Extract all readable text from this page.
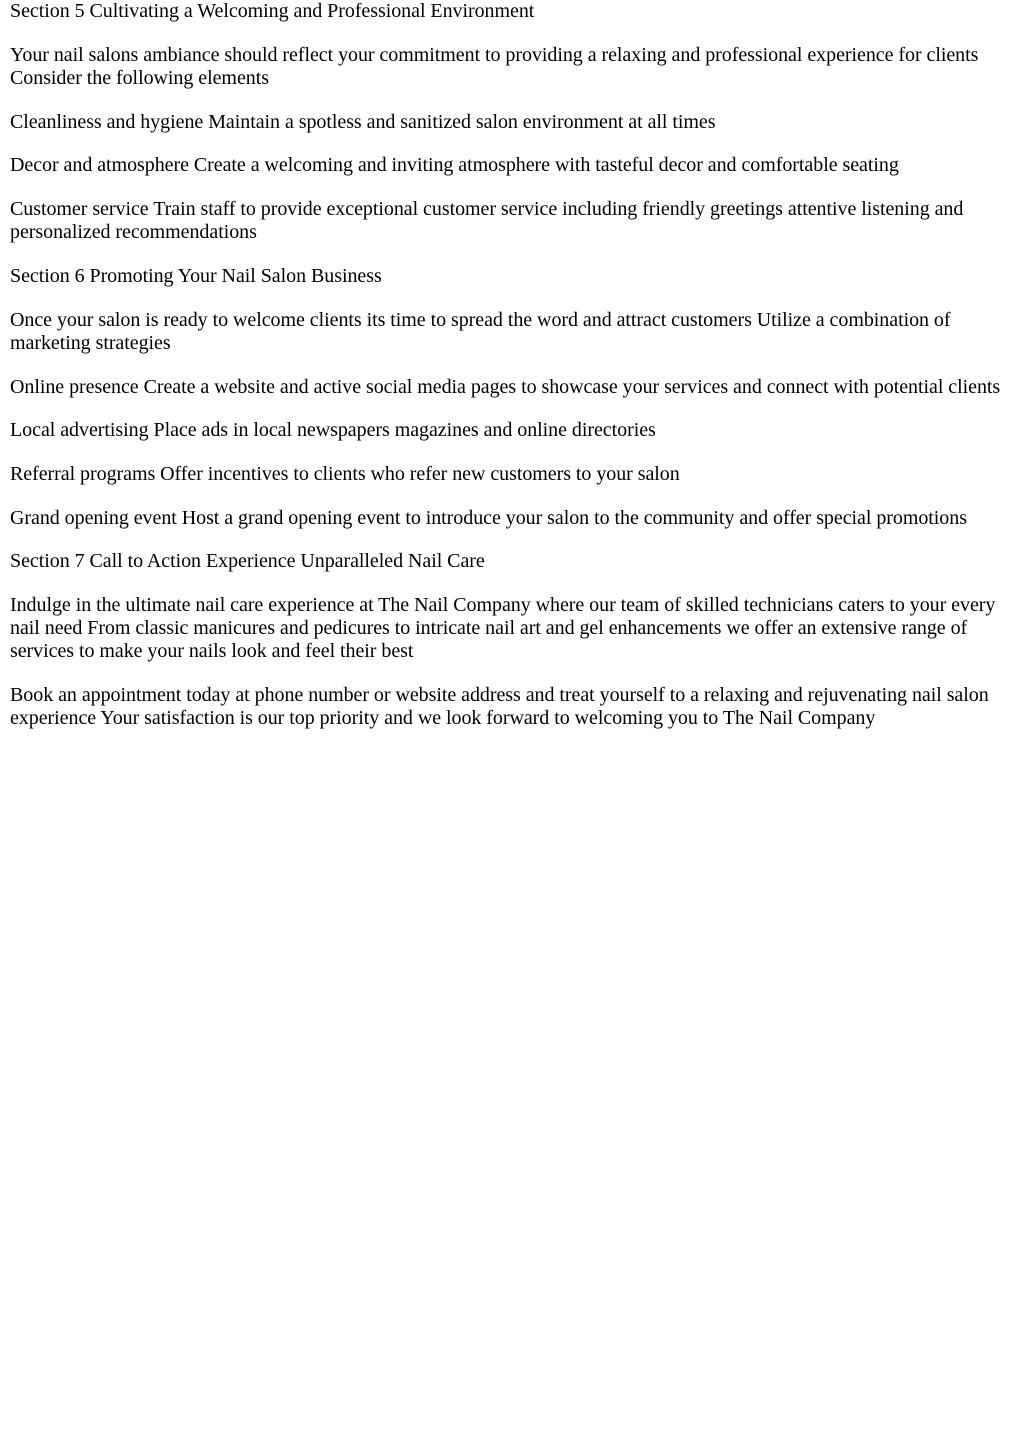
Section 5 Cultivating a Welcoming and Professional Environment

Your nail salons ambiance should reflect your commitment to providing a relaxing and professional experience for clients Consider the following elements

Cleanliness and hygiene Maintain a spotless and sanitized salon environment at all times

Decor and atmosphere Create a welcoming and inviting atmosphere with tasteful decor and comfortable seating

Customer service Train staff to provide exceptional customer service including friendly greetings attentive listening and personalized recommendations

Section 6 Promoting Your Nail Salon Business

Once your salon is ready to welcome clients its time to spread the word and attract customers Utilize a combination of marketing strategies

Online presence Create a website and active social media pages to showcase your services and connect with potential clients

Local advertising Place ads in local newspapers magazines and online directories

Referral programs Offer incentives to clients who refer new customers to your salon

Grand opening event Host a grand opening event to introduce your salon to the community and offer special promotions

Section 7 Call to Action Experience Unparalleled Nail Care

Indulge in the ultimate nail care experience at The Nail Company where our team of skilled technicians caters to your every nail need From classic manicures and pedicures to intricate nail art and gel enhancements we offer an extensive range of services to make your nails look and feel their best

Book an appointment today at phone number or website address and treat yourself to a relaxing and rejuvenating nail salon experience Your satisfaction is our top priority and we look forward to welcoming you to The Nail Company
